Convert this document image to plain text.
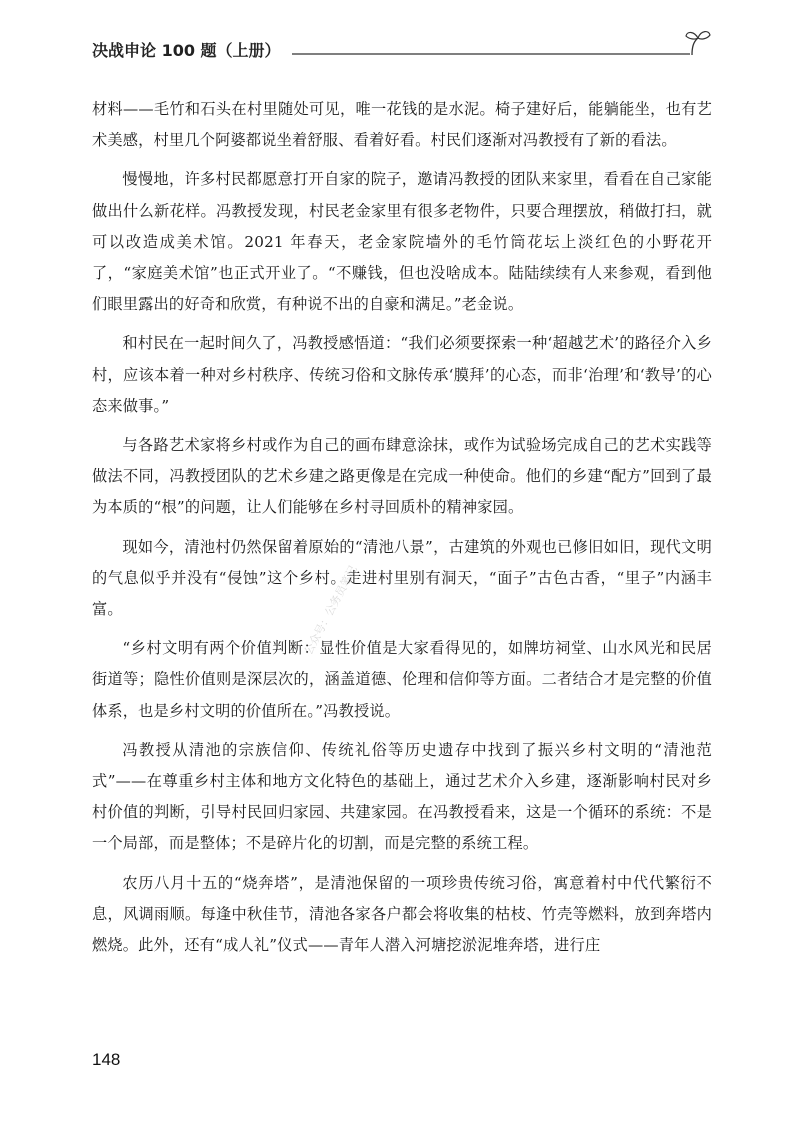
决战申论 100 题（上册）

材料——毛竹和石头在村里随处可见，唯一花钱的是水泥。椅子建好后，能躺能坐，也有艺术美感，村里几个阿婆都说坐着舒服、看着好看。村民们逐渐对冯教授有了新的看法。

慢慢地，许多村民都愿意打开自家的院子，邀请冯教授的团队来家里，看看在自己家能做出什么新花样。冯教授发现，村民老金家里有很多老物件，只要合理摆放，稍做打扫，就可以改造成美术馆。2021 年春天，老金家院墙外的毛竹筒花坛上淡红色的小野花开了，“家庭美术馆”也正式开业了。“不赚钱，但也没啥成本。陆陆续续有人来参观，看到他们眼里露出的好奇和欣赏，有种说不出的自豪和满足。”老金说。

和村民在一起时间久了，冯教授感悟道：“我们必须要探索一种‘超越艺术’的路径介入乡村，应该本着一种对乡村秩序、传统习俗和文脉传承‘膜拜’的心态，而非‘治理’和‘教导’的心态来做事。”

与各路艺术家将乡村或作为自己的画布肆意涂抹，或作为试验场完成自己的艺术实践等做法不同，冯教授团队的艺术乡建之路更像是在完成一种使命。他们的乡建“配方”回到了最为本质的“根”的问题，让人们能够在乡村寻回质朴的精神家园。

现如今，清池村仍然保留着原始的“清池八景”，古建筑的外观也已修旧如旧，现代文明的气息似乎并没有“侵蚀”这个乡村。走进村里别有洞天，“面子”古色古香，“里子”内涵丰富。

“乡村文明有两个价值判断：显性价值是大家看得见的，如牌坊祠堂、山水风光和民居街道等；隐性价值则是深层次的，涵盖道德、伦理和信仰等方面。二者结合才是完整的价值体系，也是乡村文明的价值所在。”冯教授说。

冯教授从清池的宗族信仰、传统礼俗等历史遗存中找到了振兴乡村文明的“清池范式”——在尊重乡村主体和地方文化特色的基础上，通过艺术介入乡建，逐渐影响村民对乡村价值的判断，引导村民回归家园、共建家园。在冯教授看来，这是一个循环的系统：不是一个局部，而是整体；不是碎片化的切割，而是完整的系统工程。

农历八月十五的“烧奔塔”，是清池保留的一项珍贵传统习俗，寓意着村中代代繁衍不息，风调雨顺。每逢中秋佳节，清池各家各户都会将收集的枯枝、竹壳等燃料，放到奔塔内燃烧。此外，还有“成人礼”仪式——青年人潜入河塘挖淤泥堆奔塔，进行庄

公众号：公务员笔记
148
